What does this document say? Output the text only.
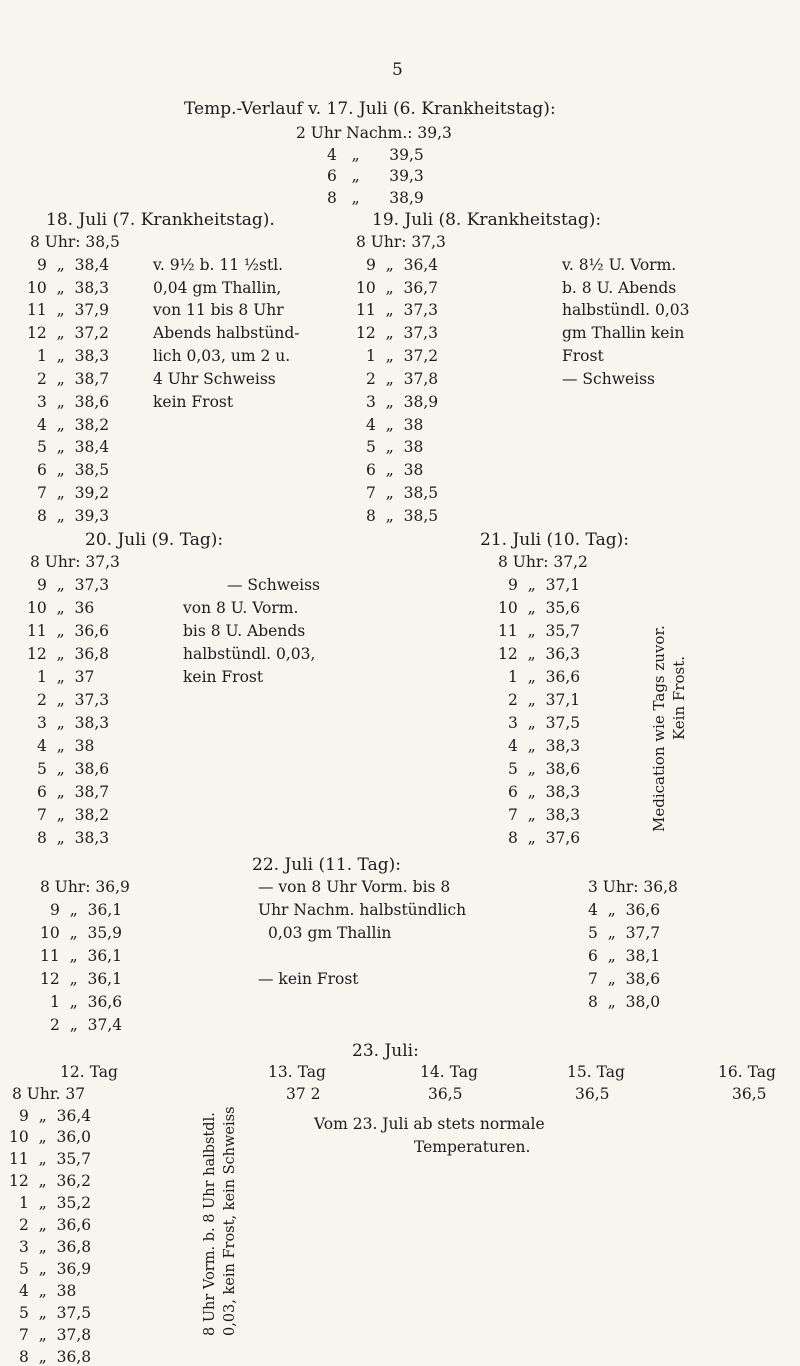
5
Temp.-Verlauf v. 17. Juli (6. Krankheitstag):
2 Uhr Nachm.: 39,3
4   „      39,5
6   „      39,3
8   „      38,9
18. Juli (7. Krankheitstag).
8 Uhr: 38,5
9  „  38,4
10  „  38,3
11  „  37,9
12  „  37,2
1  „  38,3
2  „  38,7
3  „  38,6
4  „  38,2
5  „  38,4
6  „  38,5
7  „  39,2
8  „  39,3
v. 9½ b. 11 ½stl.
0,04 gm Thallin,
von 11 bis 8 Uhr
Abends halbstünd-
lich 0,03, um 2 u.
4 Uhr Schweiss
kein Frost
19. Juli (8. Krankheitstag):
8 Uhr: 37,3
9  „  36,4
10  „  36,7
11  „  37,3
12  „  37,3
1  „  37,2
2  „  37,8
3  „  38,9
4  „  38
5  „  38
6  „  38
7  „  38,5
8  „  38,5
v. 8½ U. Vorm.
b. 8 U. Abends
halbstündl. 0,03
gm Thallin kein
Frost
— Schweiss
20. Juli (9. Tag):
8 Uhr: 37,3
9  „  37,3
10  „  36
11  „  36,6
12  „  36,8
1  „  37
2  „  37,3
3  „  38,3
4  „  38
5  „  38,6
6  „  38,7
7  „  38,2
8  „  38,3
— Schweiss
von 8 U. Vorm.
bis 8 U. Abends
halbstündl. 0,03,
kein Frost
21. Juli (10. Tag):
8 Uhr: 37,2
9  „  37,1
10  „  35,6
11  „  35,7
12  „  36,3
1  „  36,6
2  „  37,1
3  „  37,5
4  „  38,3
5  „  38,6
6  „  38,3
7  „  38,3
8  „  37,6
Medication wie Tags zuvor. Kein Frost.
22. Juli (11. Tag):
8 Uhr: 36,9
9  „  36,1
10  „  35,9
11  „  36,1
12  „  36,1
1  „  36,6
2  „  37,4
— von 8 Uhr Vorm. bis 8
Uhr Nachm. halbstündlich
0,03 gm Thallin
— kein Frost
3 Uhr: 36,8
4  „  36,6
5  „  37,7
6  „  38,1
7  „  38,6
8  „  38,0
23. Juli:
12. Tag
8 Uhr. 37
9  „  36,4
10  „  36,0
11  „  35,7
12  „  36,2
1  „  35,2
2  „  36,6
3  „  36,8
5  „  36,9
4  „  38
5  „  37,5
7  „  37,8
8  „  36,8
8 Uhr Vorm. b. 8 Uhr halbstdl. 0,03, kein Frost, kein Schweiss
13. Tag
37 2
14. Tag
36,5
15. Tag
36,5
16. Tag
36,5
Vom 23. Juli ab stets normale
Temperaturen.
